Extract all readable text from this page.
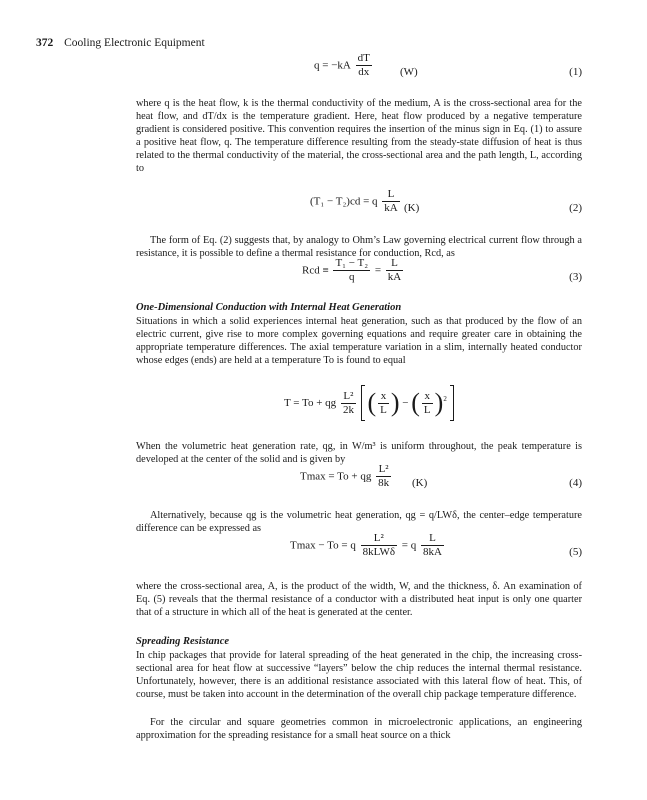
372 Cooling Electronic Equipment
$q = -kA \frac{dT}{dx}$	(W)	(1)

where q is the heat flow, k is the thermal conductivity of the medium, A is the cross-sectional area for the heat flow, and dT/dx is the temperature gradient. Here, heat flow produced by a negative temperature gradient is considered positive. This convention requires the insertion of the minus sign in Eq. (1) to assure a positive heat flow, q. The temperature difference resulting from the steady-state diffusion of heat is thus related to the thermal conductivity of the material, the cross-sectional area and the path length, L, according to

(T₁ − T₂)cd = q $\frac{L}{kA} (K)$	(2)

The form of Eq. (2) suggests that, by analogy to Ohm’s Law governing electrical current flow through a resistance, it is possible to define a thermal resistance for conduction, Rcd, as

Rcd ≡ $\frac{\text{T₁ − T₂}}{q} = \frac{L}{kA}$	(3)
One-Dimensional Conduction with Internal Heat Generation

Situations in which a solid experiences internal heat generation, such as that produced by the flow of an electric current, give rise to more complex governing equations and require greater care in obtaining the appropriate temperature differences. The axial temperature variation in a slim, internally heated conductor whose edges (ends) are held at a temperature To is found to equal

T = To + qg $\frac{\text{L²}}{2k}$ ( $\frac{x}{L}$ ) − ( $\frac{x}{L} )^2$

When the volumetric heat generation rate, qg, in W/m³ is uniform throughout, the peak temperature is developed at the center of the solid and is given by

Tmax = To + qg $\frac{\text{L²}}{8k} (K)$	(4)

Alternatively, because qg is the volumetric heat generation, qg = q/LWδ, the center–edge temperature difference can be expressed as

Tmax − To = q $\frac{\text{L²}}{\text{8kLWδ}} = q \frac{L}{8kA}$	(5)

where the cross-sectional area, A, is the product of the width, W, and the thickness, δ. An examination of Eq. (5) reveals that the thermal resistance of a conductor with a distributed heat input is only one quarter that of a structure in which all of the heat is generated at the center.

Spreading Resistance

In chip packages that provide for lateral spreading of the heat generated in the chip, the increasing cross-sectional area for heat flow at successive “layers” below the chip reduces the internal thermal resistance. Unfortunately, however, there is an additional resistance associated with this lateral flow of heat. This, of course, must be taken into account in the determination of the overall chip package temperature difference.

For the circular and square geometries common in microelectronic applications, an engineering approximation for the spreading resistance for a small heat source on a thick
